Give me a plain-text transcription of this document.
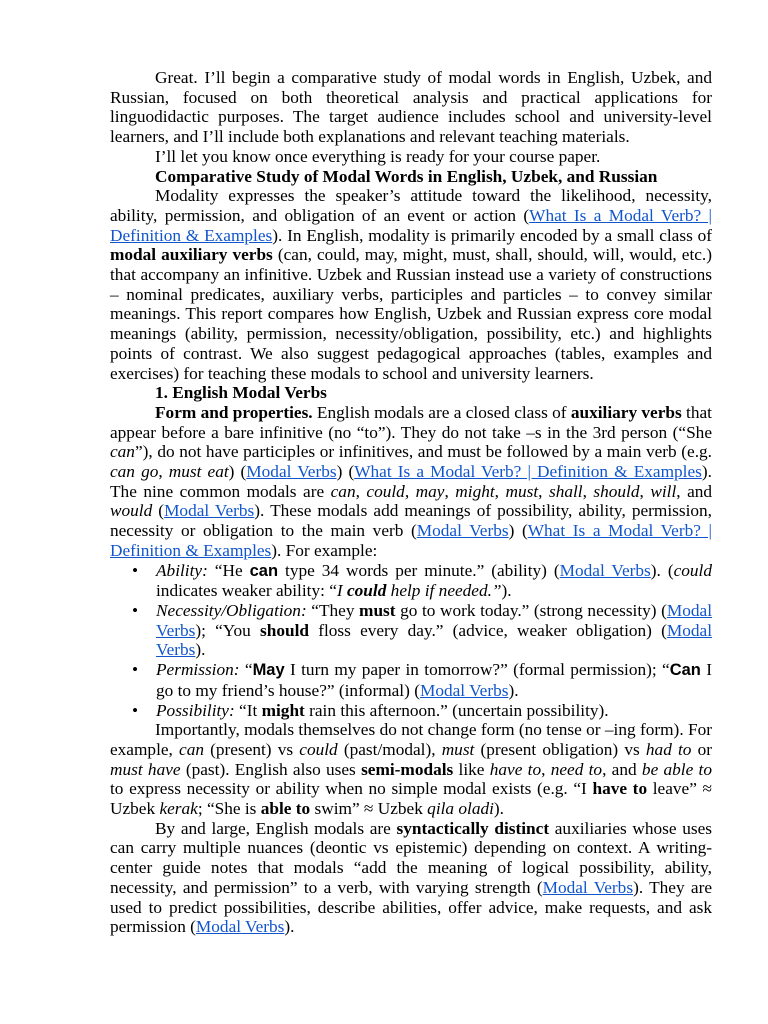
Great. I’ll begin a comparative study of modal words in English, Uzbek, and Russian, focused on both theoretical analysis and practical applications for linguodidactic purposes. The target audience includes school and university-level learners, and I’ll include both explanations and relevant teaching materials.

I’ll let you know once everything is ready for your course paper.

Comparative Study of Modal Words in English, Uzbek, and Russian

Modality expresses the speaker’s attitude toward the likelihood, necessity, ability, permission, and obligation of an event or action (What Is a Modal Verb? | Definition & Examples). In English, modality is primarily encoded by a small class of modal auxiliary verbs (can, could, may, might, must, shall, should, will, would, etc.) that accompany an infinitive. Uzbek and Russian instead use a variety of constructions – nominal predicates, auxiliary verbs, participles and particles – to convey similar meanings. This report compares how English, Uzbek and Russian express core modal meanings (ability, permission, necessity/obligation, possibility, etc.) and highlights points of contrast. We also suggest pedagogical approaches (tables, examples and exercises) for teaching these modals to school and university learners.

1. English Modal Verbs

Form and properties. English modals are a closed class of auxiliary verbs that appear before a bare infinitive (no “to”). They do not take –s in the 3rd person (“She can”), do not have participles or infinitives, and must be followed by a main verb (e.g. can go, must eat) (Modal Verbs) (What Is a Modal Verb? | Definition & Examples). The nine common modals are can, could, may, might, must, shall, should, will, and would (Modal Verbs). These modals add meanings of possibility, ability, permission, necessity or obligation to the main verb (Modal Verbs) (What Is a Modal Verb? | Definition & Examples). For example:

• Ability: “He can type 34 words per minute.” (ability) (Modal Verbs). (could indicates weaker ability: “I could help if needed.”).
• Necessity/Obligation: “They must go to work today.” (strong necessity) (Modal Verbs); “You should floss every day.” (advice, weaker obligation) (Modal Verbs).
• Permission: “May I turn my paper in tomorrow?” (formal permission); “Can I go to my friend’s house?” (informal) (Modal Verbs).
• Possibility: “It might rain this afternoon.” (uncertain possibility).

Importantly, modals themselves do not change form (no tense or –ing form). For example, can (present) vs could (past/modal), must (present obligation) vs had to or must have (past). English also uses semi-modals like have to, need to, and be able to to express necessity or ability when no simple modal exists (e.g. “I have to leave” ≈ Uzbek kerak; “She is able to swim” ≈ Uzbek qila oladi).

By and large, English modals are syntactically distinct auxiliaries whose uses can carry multiple nuances (deontic vs epistemic) depending on context. A writing-center guide notes that modals “add the meaning of logical possibility, ability, necessity, and permission” to a verb, with varying strength (Modal Verbs). They are used to predict possibilities, describe abilities, offer advice, make requests, and ask permission (Modal Verbs).
